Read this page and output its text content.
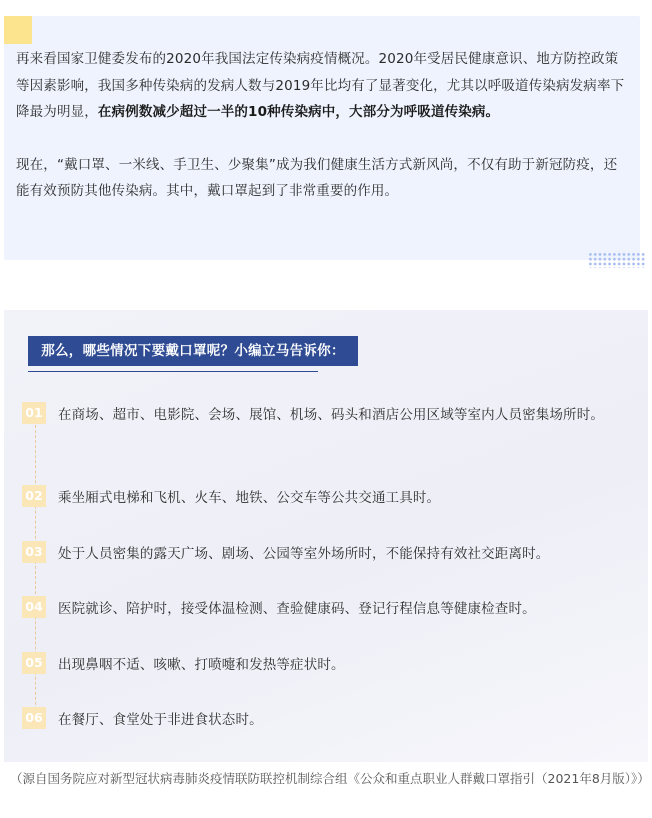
再来看国家卫健委发布的2020年我国法定传染病疫情概况。2020年受居民健康意识、地方防控政策等因素影响，我国多种传染病的发病人数与2019年比均有了显著变化，尤其以呼吸道传染病发病率下降最为明显，在病例数减少超过一半的10种传染病中，大部分为呼吸道传染病。

现在，“戴口罩、一米线、手卫生、少聚集”成为我们健康生活方式新风尚，不仅有助于新冠防疫，还能有效预防其他传染病。其中，戴口罩起到了非常重要的作用。

那么，哪些情况下要戴口罩呢？小编立马告诉你：
01 在商场、超市、电影院、会场、展馆、机场、码头和酒店公用区域等室内人员密集场所时。
02 乘坐厢式电梯和飞机、火车、地铁、公交车等公共交通工具时。
03 处于人员密集的露天广场、剧场、公园等室外场所时，不能保持有效社交距离时。
04 医院就诊、陪护时，接受体温检测、查验健康码、登记行程信息等健康检查时。
05 出现鼻咽不适、咳嗽、打喷嚏和发热等症状时。
06 在餐厅、食堂处于非进食状态时。
（源自国务院应对新型冠状病毒肺炎疫情联防联控机制综合组《公众和重点职业人群戴口罩指引（2021年8月版）》）
